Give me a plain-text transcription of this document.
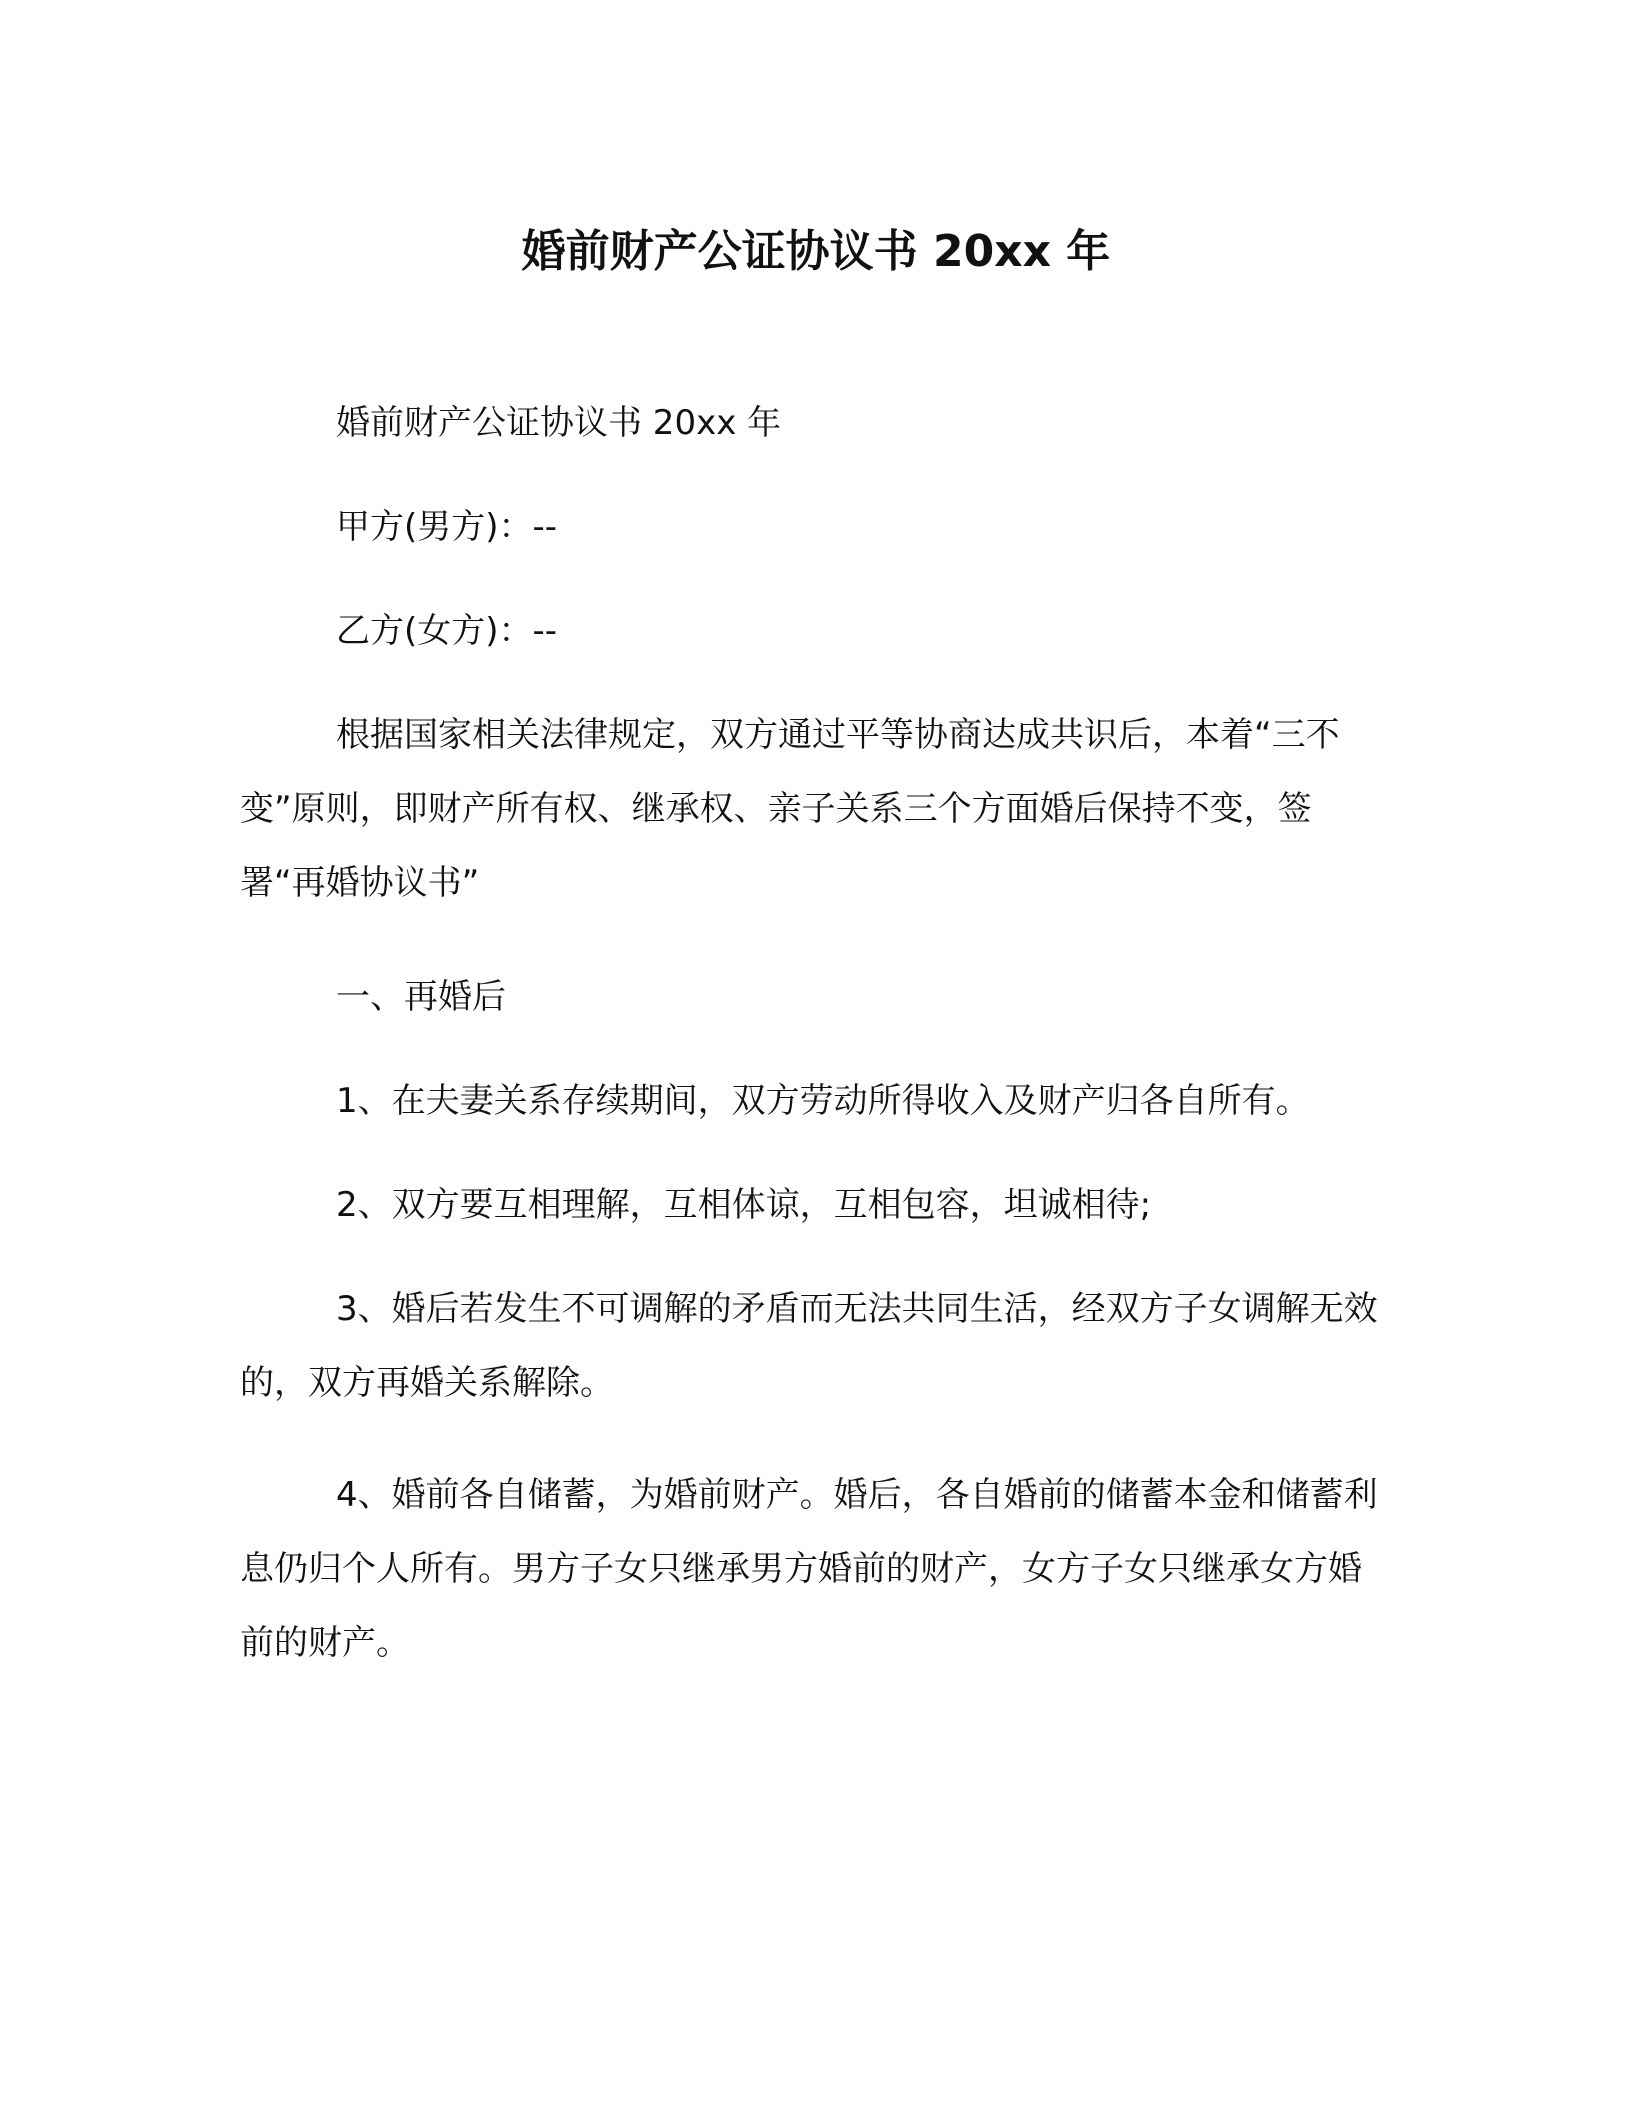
婚前财产公证协议书 20xx 年

婚前财产公证协议书 20xx 年

甲方(男方)：--

乙方(女方)：--

根据国家相关法律规定，双方通过平等协商达成共识后，本着“三不变”原则，即财产所有权、继承权、亲子关系三个方面婚后保持不变，签署“再婚协议书”

一、再婚后

1、在夫妻关系存续期间，双方劳动所得收入及财产归各自所有。

2、双方要互相理解，互相体谅，互相包容，坦诚相待;

3、婚后若发生不可调解的矛盾而无法共同生活，经双方子女调解无效的，双方再婚关系解除。

4、婚前各自储蓄，为婚前财产。婚后，各自婚前的储蓄本金和储蓄利息仍归个人所有。男方子女只继承男方婚前的财产，女方子女只继承女方婚前的财产。
